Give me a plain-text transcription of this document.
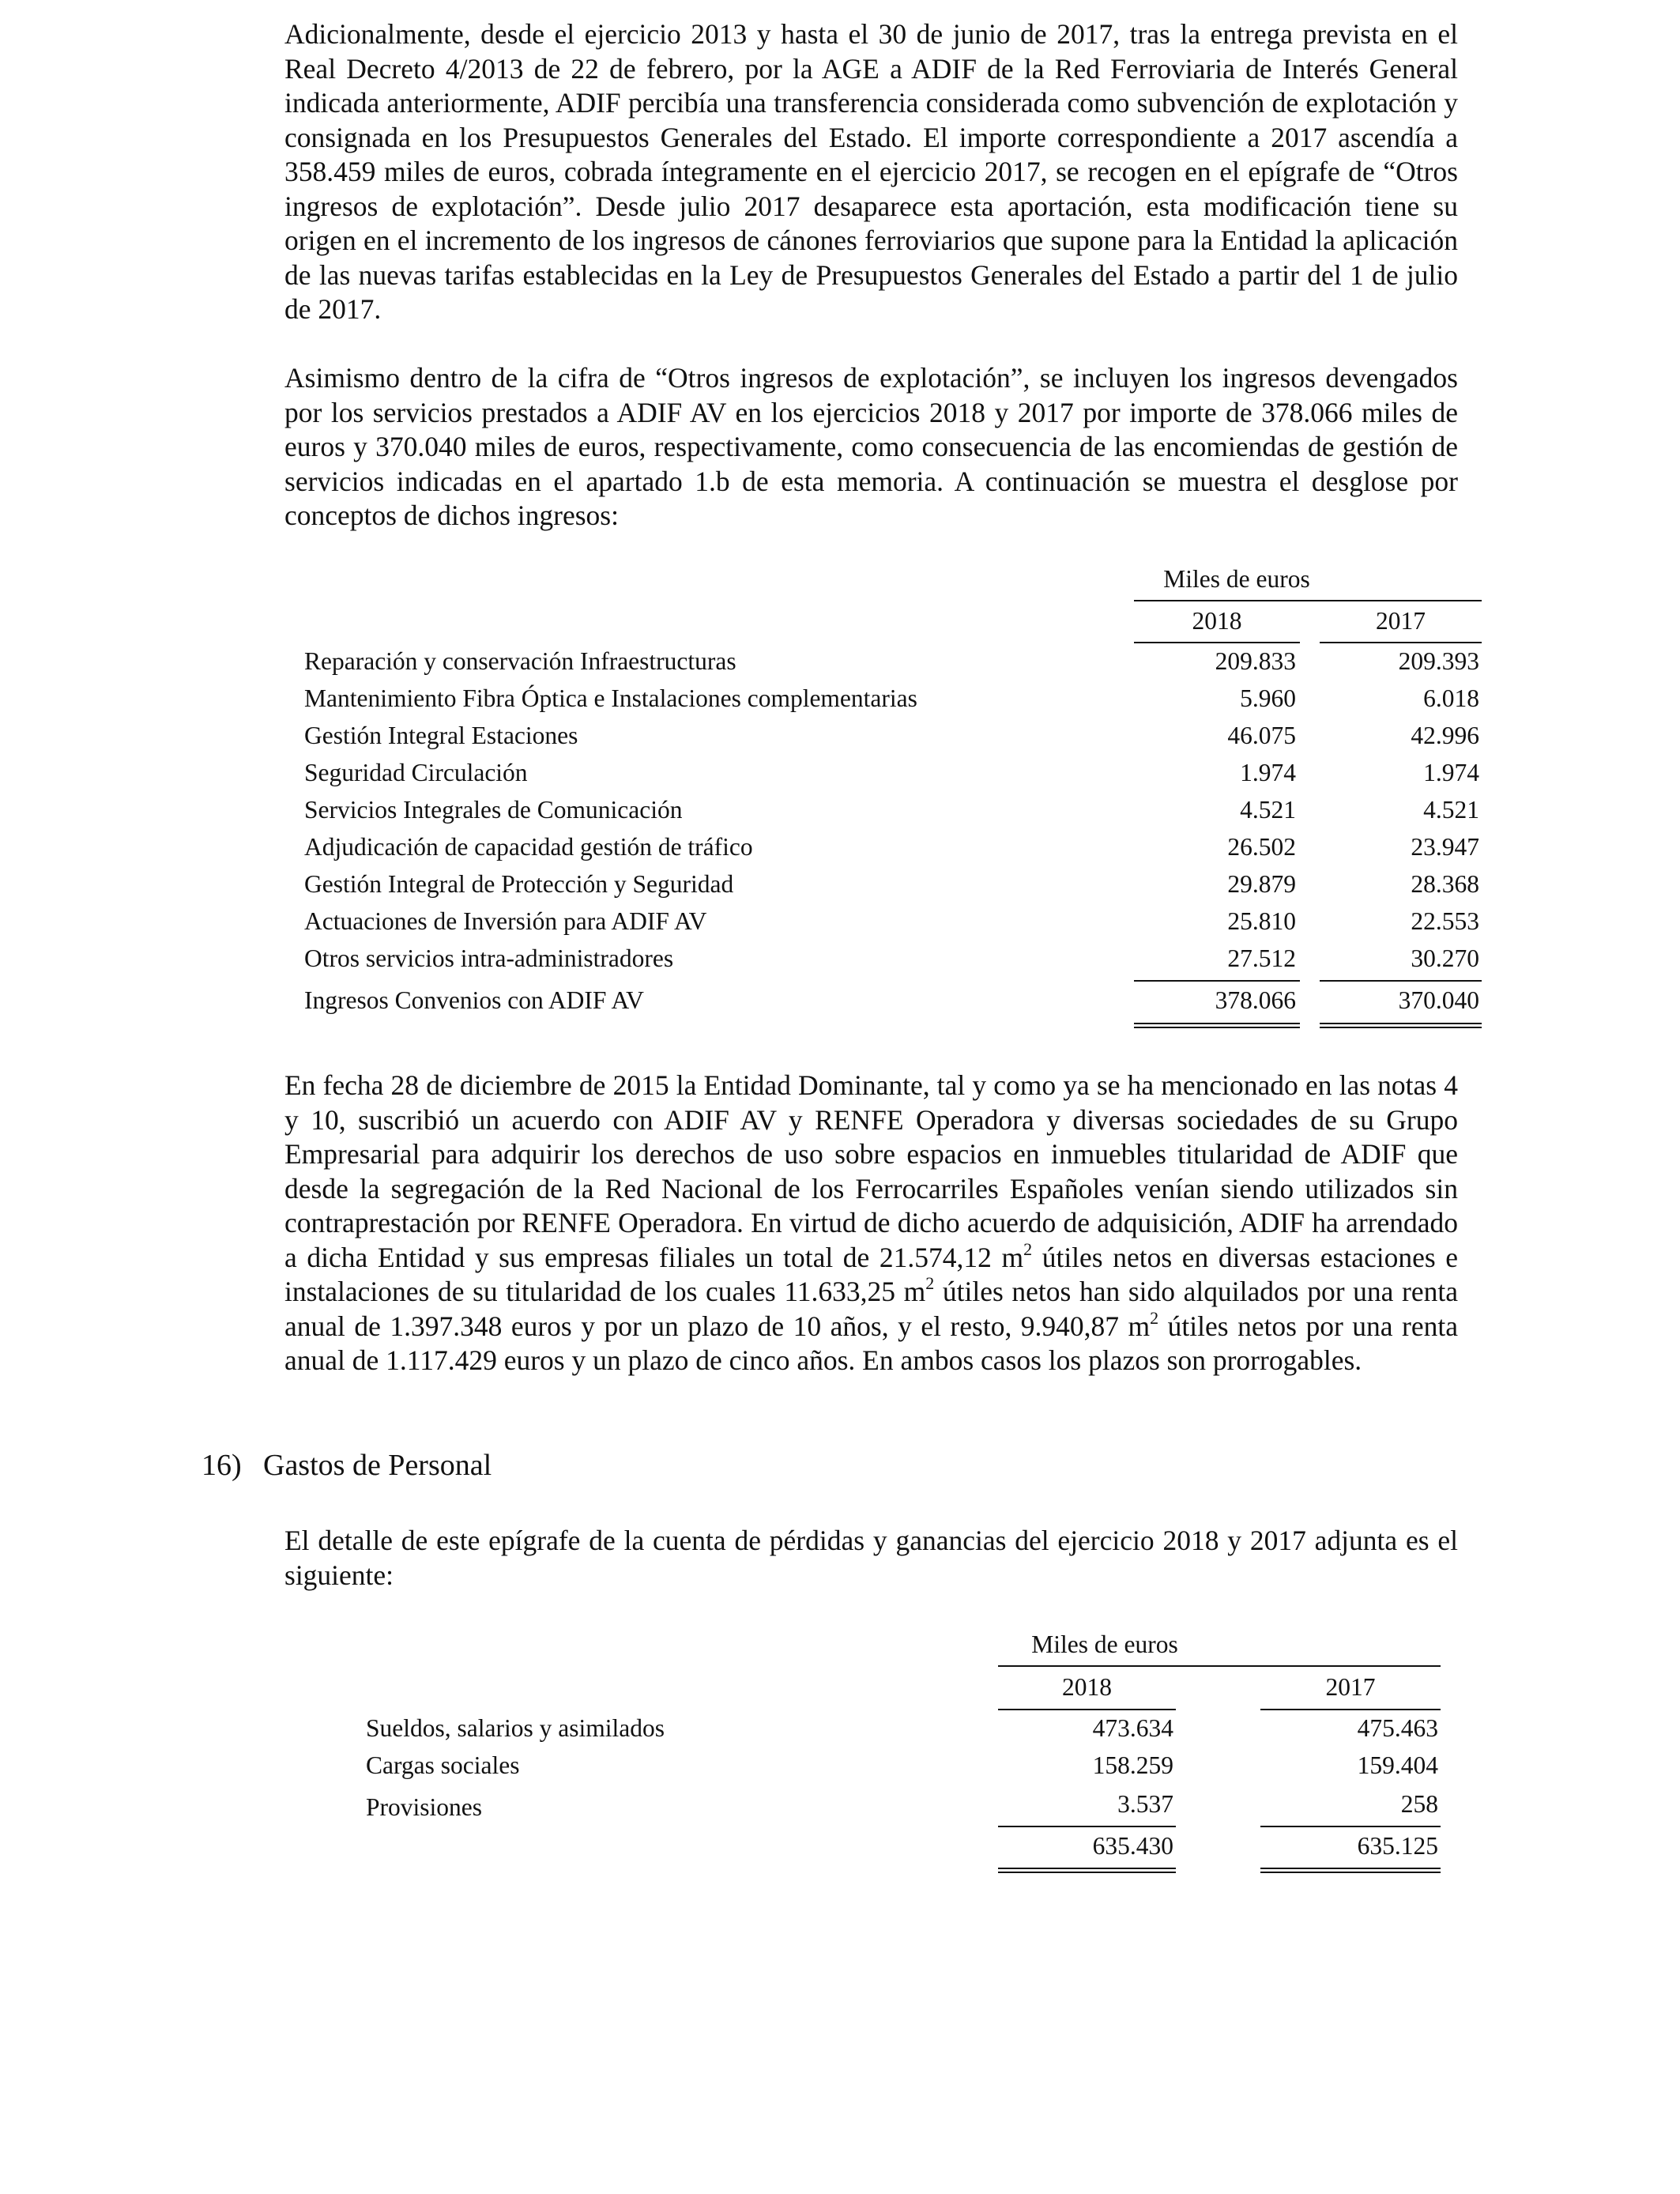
Adicionalmente, desde el ejercicio 2013 y hasta el 30 de junio de 2017, tras la entrega prevista en el Real Decreto 4/2013 de 22 de febrero, por la AGE a ADIF de la Red Ferroviaria de Interés General indicada anteriormente, ADIF percibía una transferencia considerada como subvención de explotación y consignada en los Presupuestos Generales del Estado. El importe correspondiente a 2017 ascendía a 358.459 miles de euros, cobrada íntegramente en el ejercicio 2017, se recogen en el epígrafe de “Otros ingresos de explotación”. Desde julio 2017 desaparece esta aportación, esta modificación tiene su origen en el incremento de los ingresos de cánones ferroviarios que supone para la Entidad la aplicación de las nuevas tarifas establecidas en la Ley de Presupuestos Generales del Estado a partir del 1 de julio de 2017.

Asimismo dentro de la cifra de “Otros ingresos de explotación”, se incluyen los ingresos devengados por los servicios prestados a ADIF AV en los ejercicios 2018 y 2017 por importe de 378.066 miles de euros y 370.040 miles de euros, respectivamente, como consecuencia de las encomiendas de gestión de servicios indicadas en el apartado 1.b de esta memoria. A continuación se muestra el desglose por conceptos de dichos ingresos:

Miles de euros
2018	2017
Reparación y conservación Infraestructuras	209.833	209.393
Mantenimiento Fibra Óptica e Instalaciones complementarias	5.960	6.018
Gestión Integral Estaciones	46.075	42.996
Seguridad Circulación	1.974	1.974
Servicios Integrales de Comunicación	4.521	4.521
Adjudicación de capacidad gestión de tráfico	26.502	23.947
Gestión Integral de Protección y Seguridad	29.879	28.368
Actuaciones de Inversión para ADIF AV	25.810	22.553
Otros servicios intra-administradores	27.512	30.270
Ingresos Convenios con ADIF AV	378.066	370.040

En fecha 28 de diciembre de 2015 la Entidad Dominante, tal y como ya se ha mencionado en las notas 4 y 10, suscribió un acuerdo con ADIF AV y RENFE Operadora y diversas sociedades de su Grupo Empresarial para adquirir los derechos de uso sobre espacios en inmuebles titularidad de ADIF que desde la segregación de la Red Nacional de los Ferrocarriles Españoles venían siendo utilizados sin contraprestación por RENFE Operadora. En virtud de dicho acuerdo de adquisición, ADIF ha arrendado a dicha Entidad y sus empresas filiales un total de 21.574,12 $m^2$ útiles netos en diversas estaciones e instalaciones de su titularidad de los cuales 11.633,25 $m^2$ útiles netos han sido alquilados por una renta anual de 1.397.348 euros y por un plazo de 10 años, y el resto, 9.940,87 $m^2$ útiles netos por una renta anual de 1.117.429 euros y un plazo de cinco años. En ambos casos los plazos son prorrogables.

16) Gastos de Personal

El detalle de este epígrafe de la cuenta de pérdidas y ganancias del ejercicio 2018 y 2017 adjunta es el siguiente:

Miles de euros
2018	2017
Sueldos, salarios y asimilados	473.634	475.463
Cargas sociales	158.259	159.404
Provisiones	3.537	258
635.430	635.125
